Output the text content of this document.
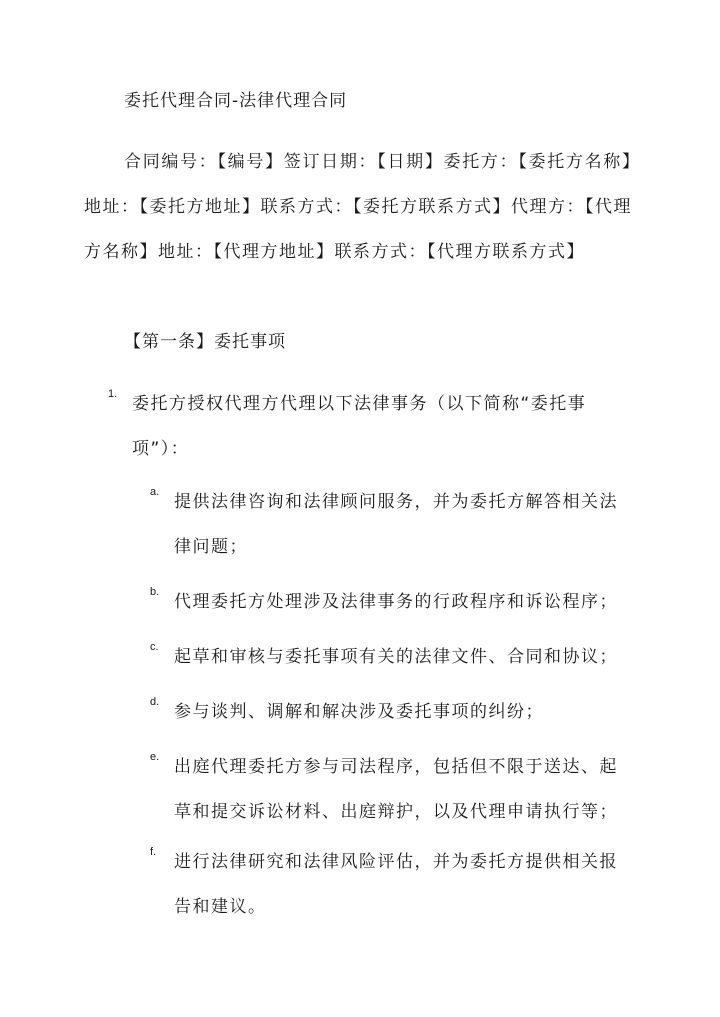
委托代理合同-法律代理合同
合同编号：【编号】签订日期：【日期】委托方：【委托方名称】地址：【委托方地址】联系方式：【委托方联系方式】代理方：【代理方名称】地址：【代理方地址】联系方式：【代理方联系方式】
【第一条】委托事项
1. 委托方授权代理方代理以下法律事务（以下简称“委托事项”）：
a. 提供法律咨询和法律顾问服务，并为委托方解答相关法律问题；
b. 代理委托方处理涉及法律事务的行政程序和诉讼程序；
c. 起草和审核与委托事项有关的法律文件、合同和协议；
d. 参与谈判、调解和解决涉及委托事项的纠纷；
e. 出庭代理委托方参与司法程序，包括但不限于送达、起草和提交诉讼材料、出庭辩护，以及代理申请执行等；
f. 进行法律研究和法律风险评估，并为委托方提供相关报告和建议。
